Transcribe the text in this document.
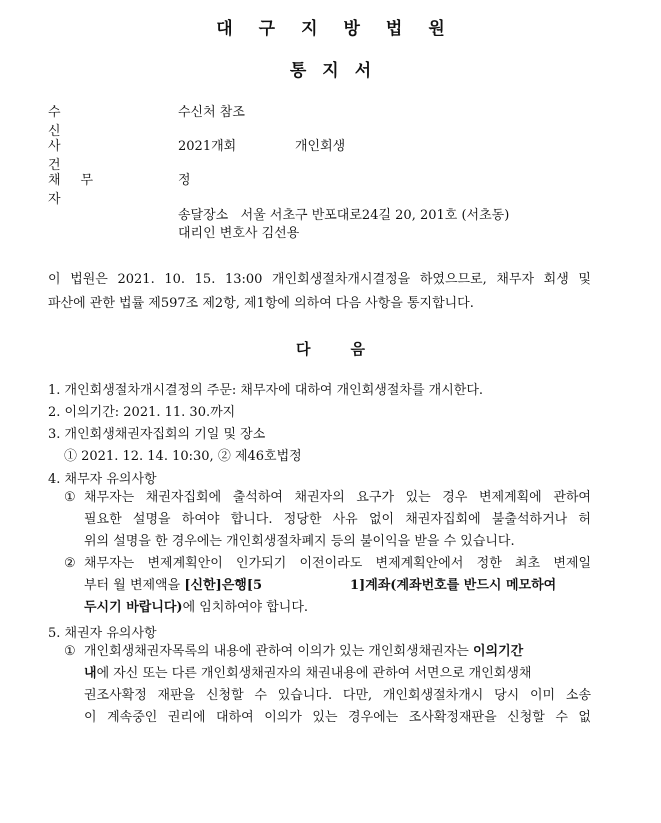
대구지방법원
통지서
수신
수신처 참조
사건
2021개회	개인회생
채무자
정
송달장소 서울 서초구 반포대로24길 20, 201호 (서초동)
대리인 변호사 김선용
이 법원은 2021. 10. 15. 13:00 개인회생절차개시결정을 하였으므로, 채무자 회생 및
파산에 관한 법률 제597조 제2항, 제1항에 의하여 다음 사항을 통지합니다.
다음
1. 개인회생절차개시결정의 주문: 채무자에 대하여 개인회생절차를 개시한다.
2. 이의기간: 2021. 11. 30.까지
3. 개인회생채권자집회의 기일 및 장소
① 2021. 12. 14. 10:30, ② 제46호법정
4. 채무자 유의사항
① 채무자는 채권자집회에 출석하여 채권자의 요구가 있는 경우 변제계획에 관하여
필요한 설명을 하여야 합니다. 정당한 사유 없이 채권자집회에 불출석하거나 허
위의 설명을 한 경우에는 개인회생절차폐지 등의 불이익을 받을 수 있습니다.
② 채무자는 변제계획안이 인가되기 이전이라도 변제계획안에서 정한 최초 변제일
부터 월 변제액을 [신한]은행[5	1]계좌(계좌번호를 반드시 메모하여
두시기 바랍니다)에 임치하여야 합니다.
5. 채권자 유의사항
① 개인회생채권자목록의 내용에 관하여 이의가 있는 개인회생채권자는 이의기간
내에 자신 또는 다른 개인회생채권자의 채권내용에 관하여 서면으로 개인회생채
권조사확정 재판을 신청할 수 있습니다. 다만, 개인회생절차개시 당시 이미 소송
이 계속중인 권리에 대하여 이의가 있는 경우에는 조사확정재판을 신청할 수 없
